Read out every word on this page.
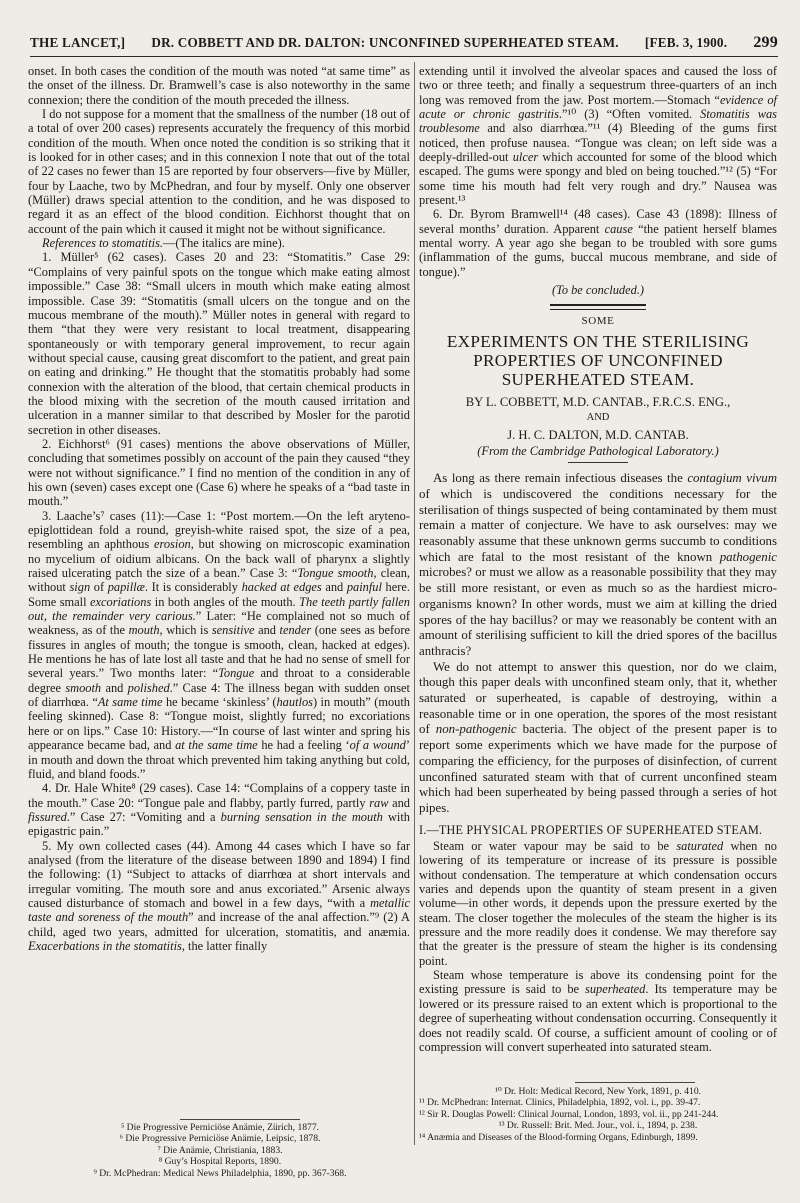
THE LANCET,] DR. COBBETT AND DR. DALTON: UNCONFINED SUPERHEATED STEAM. [FEB. 3, 1900. 299

onset. In both cases the condition of the mouth was noted “at same time” as the onset of the illness. Dr. Bramwell’s case is also noteworthy in the same connexion; there the condition of the mouth preceded the illness.

I do not suppose for a moment that the smallness of the number (18 out of a total of over 200 cases) represents accurately the frequency of this morbid condition of the mouth. When once noted the condition is so striking that it is looked for in other cases; and in this connexion I note that out of the total of 22 cases no fewer than 15 are reported by four observers—five by Müller, four by Laache, two by McPhedran, and four by myself. Only one observer (Müller) draws special attention to the condition, and he was disposed to regard it as an effect of the blood condition. Eichhorst thought that on account of the pain which it caused it might not be without significance.

References to stomatitis.—(The italics are mine).

1. Müller⁵ (62 cases). Cases 20 and 23: “Stomatitis.” Case 29: “Complains of very painful spots on the tongue which make eating almost impossible.” Case 38: “Small ulcers in mouth which make eating almost impossible. Case 39: “Stomatitis (small ulcers on the tongue and on the mucous membrane of the mouth).” Müller notes in general with regard to them “that they were very resistant to local treatment, disappearing spontaneously or with temporary general improvement, to recur again without special cause, causing great discomfort to the patient, and great pain on eating and drinking.” He thought that the stomatitis probably had some connexion with the alteration of the blood, that certain chemical products in the blood mixing with the secretion of the mouth caused irritation and ulceration in a manner similar to that described by Mosler for the parotid secretion in other diseases.

2. Eichhorst⁶ (91 cases) mentions the above observations of Müller, concluding that sometimes possibly on account of the pain they caused “they were not without significance.” I find no mention of the condition in any of his own (seven) cases except one (Case 6) where he speaks of a “bad taste in mouth.”

3. Laache’s⁷ cases (11):—Case 1: “Post mortem.—On the left aryteno-epiglottidean fold a round, greyish-white raised spot, the size of a pea, resembling an aphthous erosion, but showing on microscopic examination no mycelium of oidium albicans. On the back wall of pharynx a slightly raised ulcerating patch the size of a bean.” Case 3: “Tongue smooth, clean, without sign of papillæ. It is considerably hacked at edges and painful here. Some small excoriations in both angles of the mouth. The teeth partly fallen out, the remainder very carious.” Later: “He complained not so much of weakness, as of the mouth, which is sensitive and tender (one sees as before fissures in angles of mouth; the tongue is smooth, clean, hacked at edges). He mentions he has of late lost all taste and that he had no sense of smell for several years.” Two months later: “Tongue and throat to a considerable degree smooth and polished.” Case 4: The illness began with sudden onset of diarrhœa. “At same time he became ‘skinless’ (hautlos) in mouth” (mouth feeling skinned). Case 8: “Tongue moist, slightly furred; no excoriations here or on lips.” Case 10: History.—“In course of last winter and spring his appearance became bad, and at the same time he had a feeling ‘of a wound’ in mouth and down the throat which prevented him taking anything but cold, fluid, and bland foods.”

4. Dr. Hale White⁸ (29 cases). Case 14: “Complains of a coppery taste in the mouth.” Case 20: “Tongue pale and flabby, partly furred, partly raw and fissured.” Case 27: “Vomiting and a burning sensation in the mouth with epigastric pain.”

5. My own collected cases (44). Among 44 cases which I have so far analysed (from the literature of the disease between 1890 and 1894) I find the following: (1) “Subject to attacks of diarrhœa at short intervals and irregular vomiting. The mouth sore and anus excoriated.” Arsenic always caused disturbance of stomach and bowel in a few days, “with a metallic taste and soreness of the mouth” and increase of the anal affection.”⁹ (2) A child, aged two years, admitted for ulceration, stomatitis, and anæmia. Exacerbations in the stomatitis, the latter finally

extending until it involved the alveolar spaces and caused the loss of two or three teeth; and finally a sequestrum three-quarters of an inch long was removed from the jaw. Post mortem.—Stomach “evidence of acute or chronic gastritis.”¹⁰ (3) “Often vomited. Stomatitis was troublesome and also diarrhœa.”¹¹ (4) Bleeding of the gums first noticed, then profuse nausea. “Tongue was clean; on left side was a deeply-drilled-out ulcer which accounted for some of the blood which escaped. The gums were spongy and bled on being touched.”¹² (5) “For some time his mouth had felt very rough and dry.” Nausea was present.¹³

6. Dr. Byrom Bramwell¹⁴ (48 cases). Case 43 (1898): Illness of several months’ duration. Apparent cause “the patient herself blames mental worry. A year ago she began to be troubled with sore gums (inflammation of the gums, buccal mucous membrane, and side of tongue).”

(To be concluded.)
SOME
EXPERIMENTS ON THE STERILISING
PROPERTIES OF UNCONFINED
SUPERHEATED STEAM.
BY L. COBBETT, M.D. CANTAB., F.R.C.S. ENG.,
AND
J. H. C. DALTON, M.D. CANTAB.
(From the Cambridge Pathological Laboratory.)

As long as there remain infectious diseases the contagium vivum of which is undiscovered the conditions necessary for the sterilisation of things suspected of being contaminated by them must remain a matter of conjecture. We have to ask ourselves: may we reasonably assume that these unknown germs succumb to conditions which are fatal to the most resistant of the known pathogenic microbes? or must we allow as a reasonable possibility that they may be still more resistant, or even as much so as the hardiest micro-organisms known? In other words, must we aim at killing the dried spores of the hay bacillus? or may we reasonably be content with an amount of sterilising sufficient to kill the dried spores of the bacillus anthracis?

We do not attempt to answer this question, nor do we claim, though this paper deals with unconfined steam only, that it, whether saturated or superheated, is capable of destroying, within a reasonable time or in one operation, the spores of the most resistant of non-pathogenic bacteria. The object of the present paper is to report some experiments which we have made for the purpose of comparing the efficiency, for the purposes of disinfection, of current unconfined saturated steam with that of current unconfined steam which had been superheated by being passed through a series of hot pipes.

I.—THE PHYSICAL PROPERTIES OF SUPERHEATED STEAM.

Steam or water vapour may be said to be saturated when no lowering of its temperature or increase of its pressure is possible without condensation. The temperature at which condensation occurs varies and depends upon the quantity of steam present in a given volume—in other words, it depends upon the pressure exerted by the steam. The closer together the molecules of the steam the higher is its pressure and the more readily does it condense. We may therefore say that the greater is the pressure of steam the higher is its condensing point.

Steam whose temperature is above its condensing point for the existing pressure is said to be superheated. Its temperature may be lowered or its pressure raised to an extent which is proportional to the degree of superheating without condensation occurring. Consequently it does not readily scald. Of course, a sufficient amount of cooling or of compression will convert superheated into saturated steam.

⁵ Die Progressive Perniciöse Anämie, Zürich, 1877.

⁶ Die Progressive Perniciöse Anämie, Leipsic, 1878.

⁷ Die Anämie, Christiania, 1883.

⁸ Guy’s Hospital Reports, 1890.

⁹ Dr. McPhedran: Medical News Philadelphia, 1890, pp. 367-368.

¹⁰ Dr. Holt: Medical Record, New York, 1891, p. 410.

¹¹ Dr. McPhedran: Internat. Clinics, Philadelphia, 1892, vol. i., pp. 39-47.

¹² Sir R. Douglas Powell: Clinical Journal, London, 1893, vol. ii., pp 241-244.

¹³ Dr. Russell: Brit. Med. Jour., vol. i., 1894, p. 238.

¹⁴ Anæmia and Diseases of the Blood-forming Organs, Edinburgh, 1899.
